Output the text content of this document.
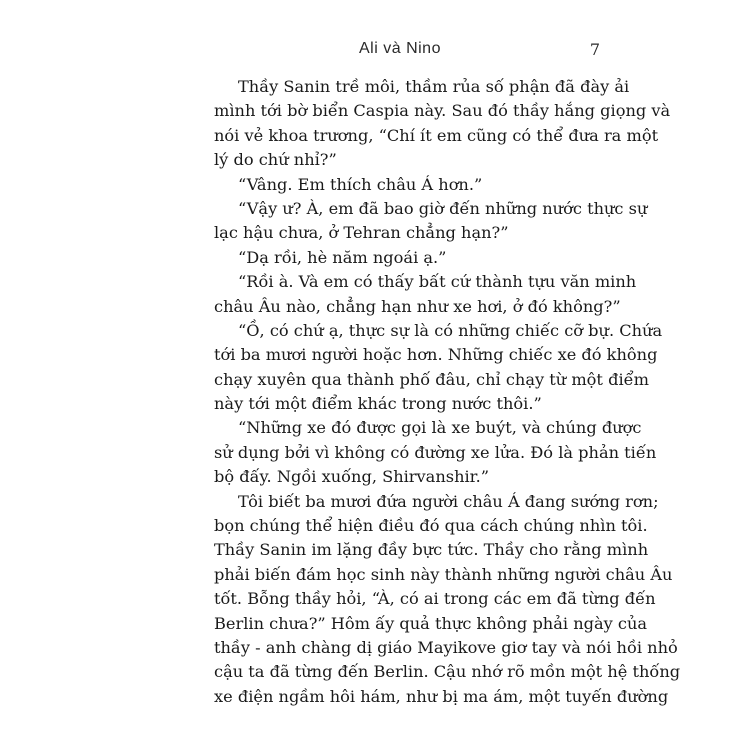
Ali và Nino	7
Thầy Sanin trề môi, thầm rủa số phận đã đày ải
mình tới bờ biển Caspia này. Sau đó thầy hắng giọng và
nói vẻ khoa trương, “Chí ít em cũng có thể đưa ra một
lý do chứ nhỉ?”
“Vâng. Em thích châu Á hơn.”
“Vậy ư? À, em đã bao giờ đến những nước thực sự
lạc hậu chưa, ở Tehran chẳng hạn?”
“Dạ rồi, hè năm ngoái ạ.”
“Rồi à. Và em có thấy bất cứ thành tựu văn minh
châu Âu nào, chẳng hạn như xe hơi, ở đó không?”
“Ồ, có chứ ạ, thực sự là có những chiếc cỡ bự. Chứa
tới ba mươi người hoặc hơn. Những chiếc xe đó không
chạy xuyên qua thành phố đâu, chỉ chạy từ một điểm
này tới một điểm khác trong nước thôi.”
“Những xe đó được gọi là xe buýt, và chúng được
sử dụng bởi vì không có đường xe lửa. Đó là phản tiến
bộ đấy. Ngồi xuống, Shirvanshir.”
Tôi biết ba mươi đứa người châu Á đang sướng rơn;
bọn chúng thể hiện điều đó qua cách chúng nhìn tôi.
Thầy Sanin im lặng đầy bực tức. Thầy cho rằng mình
phải biến đám học sinh này thành những người châu Âu
tốt. Bỗng thầy hỏi, “À, có ai trong các em đã từng đến
Berlin chưa?” Hôm ấy quả thực không phải ngày của
thầy - anh chàng dị giáo Mayikove giơ tay và nói hồi nhỏ
cậu ta đã từng đến Berlin. Cậu nhớ rõ mồn một hệ thống
xe điện ngầm hôi hám, như bị ma ám, một tuyến đường
